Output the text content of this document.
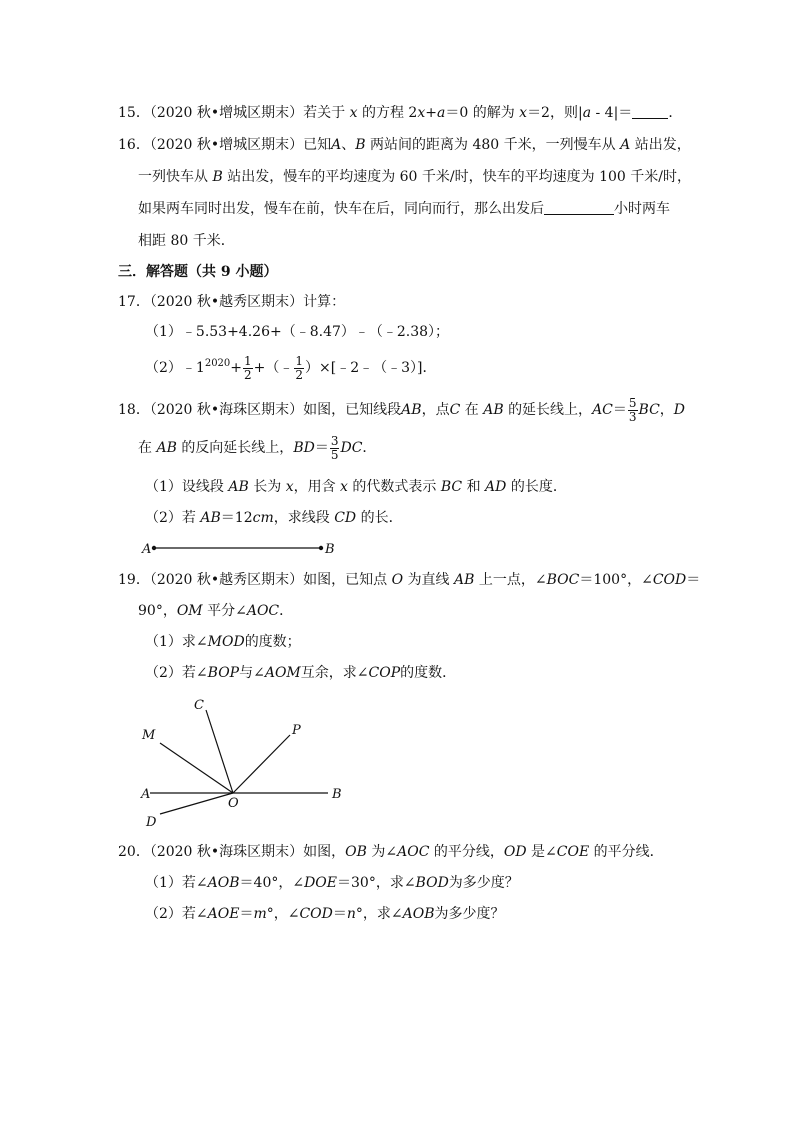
15．（2020 秋•增城区期末）若关于 x 的方程 2x+a＝0 的解为 x＝2，则|a - 4|＝	．
16．（2020 秋•增城区期末）已知A、B 两站间的距离为 480 千米，一列慢车从 A 站出发，
一列快车从 B 站出发，慢车的平均速度为 60 千米/时，快车的平均速度为 100 千米/时，
如果两车同时出发，慢车在前，快车在后，同向而行，那么出发后	小时两车
相距 80 千米．
三．解答题（共 9 小题）
17．（2020 秋•越秀区期末）计算：
（1）﹣5.53+4.26+（﹣8.47）﹣（﹣2.38）；
$(2)﹣1^{2020}+ \frac{1}{2}$ +（﹣ $\frac{1}{2}$ ）×[﹣2﹣（﹣3）]．
18．（2020 秋•海珠区期末）如图，已知线段AB，点C 在 AB 的延长线上，$AC= \frac{5}{3}$ BC，D
在 AB 的反向延长线上，$BD= \frac{3}{5}$ DC．
（1）设线段 AB 长为 x，用含 x 的代数式表示 BC 和 AD 的长度．
（2）若 AB＝12cm，求线段 CD 的长．
A	B
19．（2020 秋•越秀区期末）如图，已知点 O 为直线 AB 上一点，∠BOC＝100°，∠COD＝
90°，OM 平分∠AOC．
（1）求∠MOD的度数；
（2）若∠BOP与∠AOM互余，求∠COP的度数．
C
M	P
A
O
B
D
20．（2020 秋•海珠区期末）如图，OB 为∠AOC 的平分线，OD 是∠COE 的平分线．
（1）若∠AOB＝40°，∠DOE＝30°，求∠BOD为多少度？
（2）若∠AOE＝m°，∠COD＝n°，求∠AOB为多少度？
